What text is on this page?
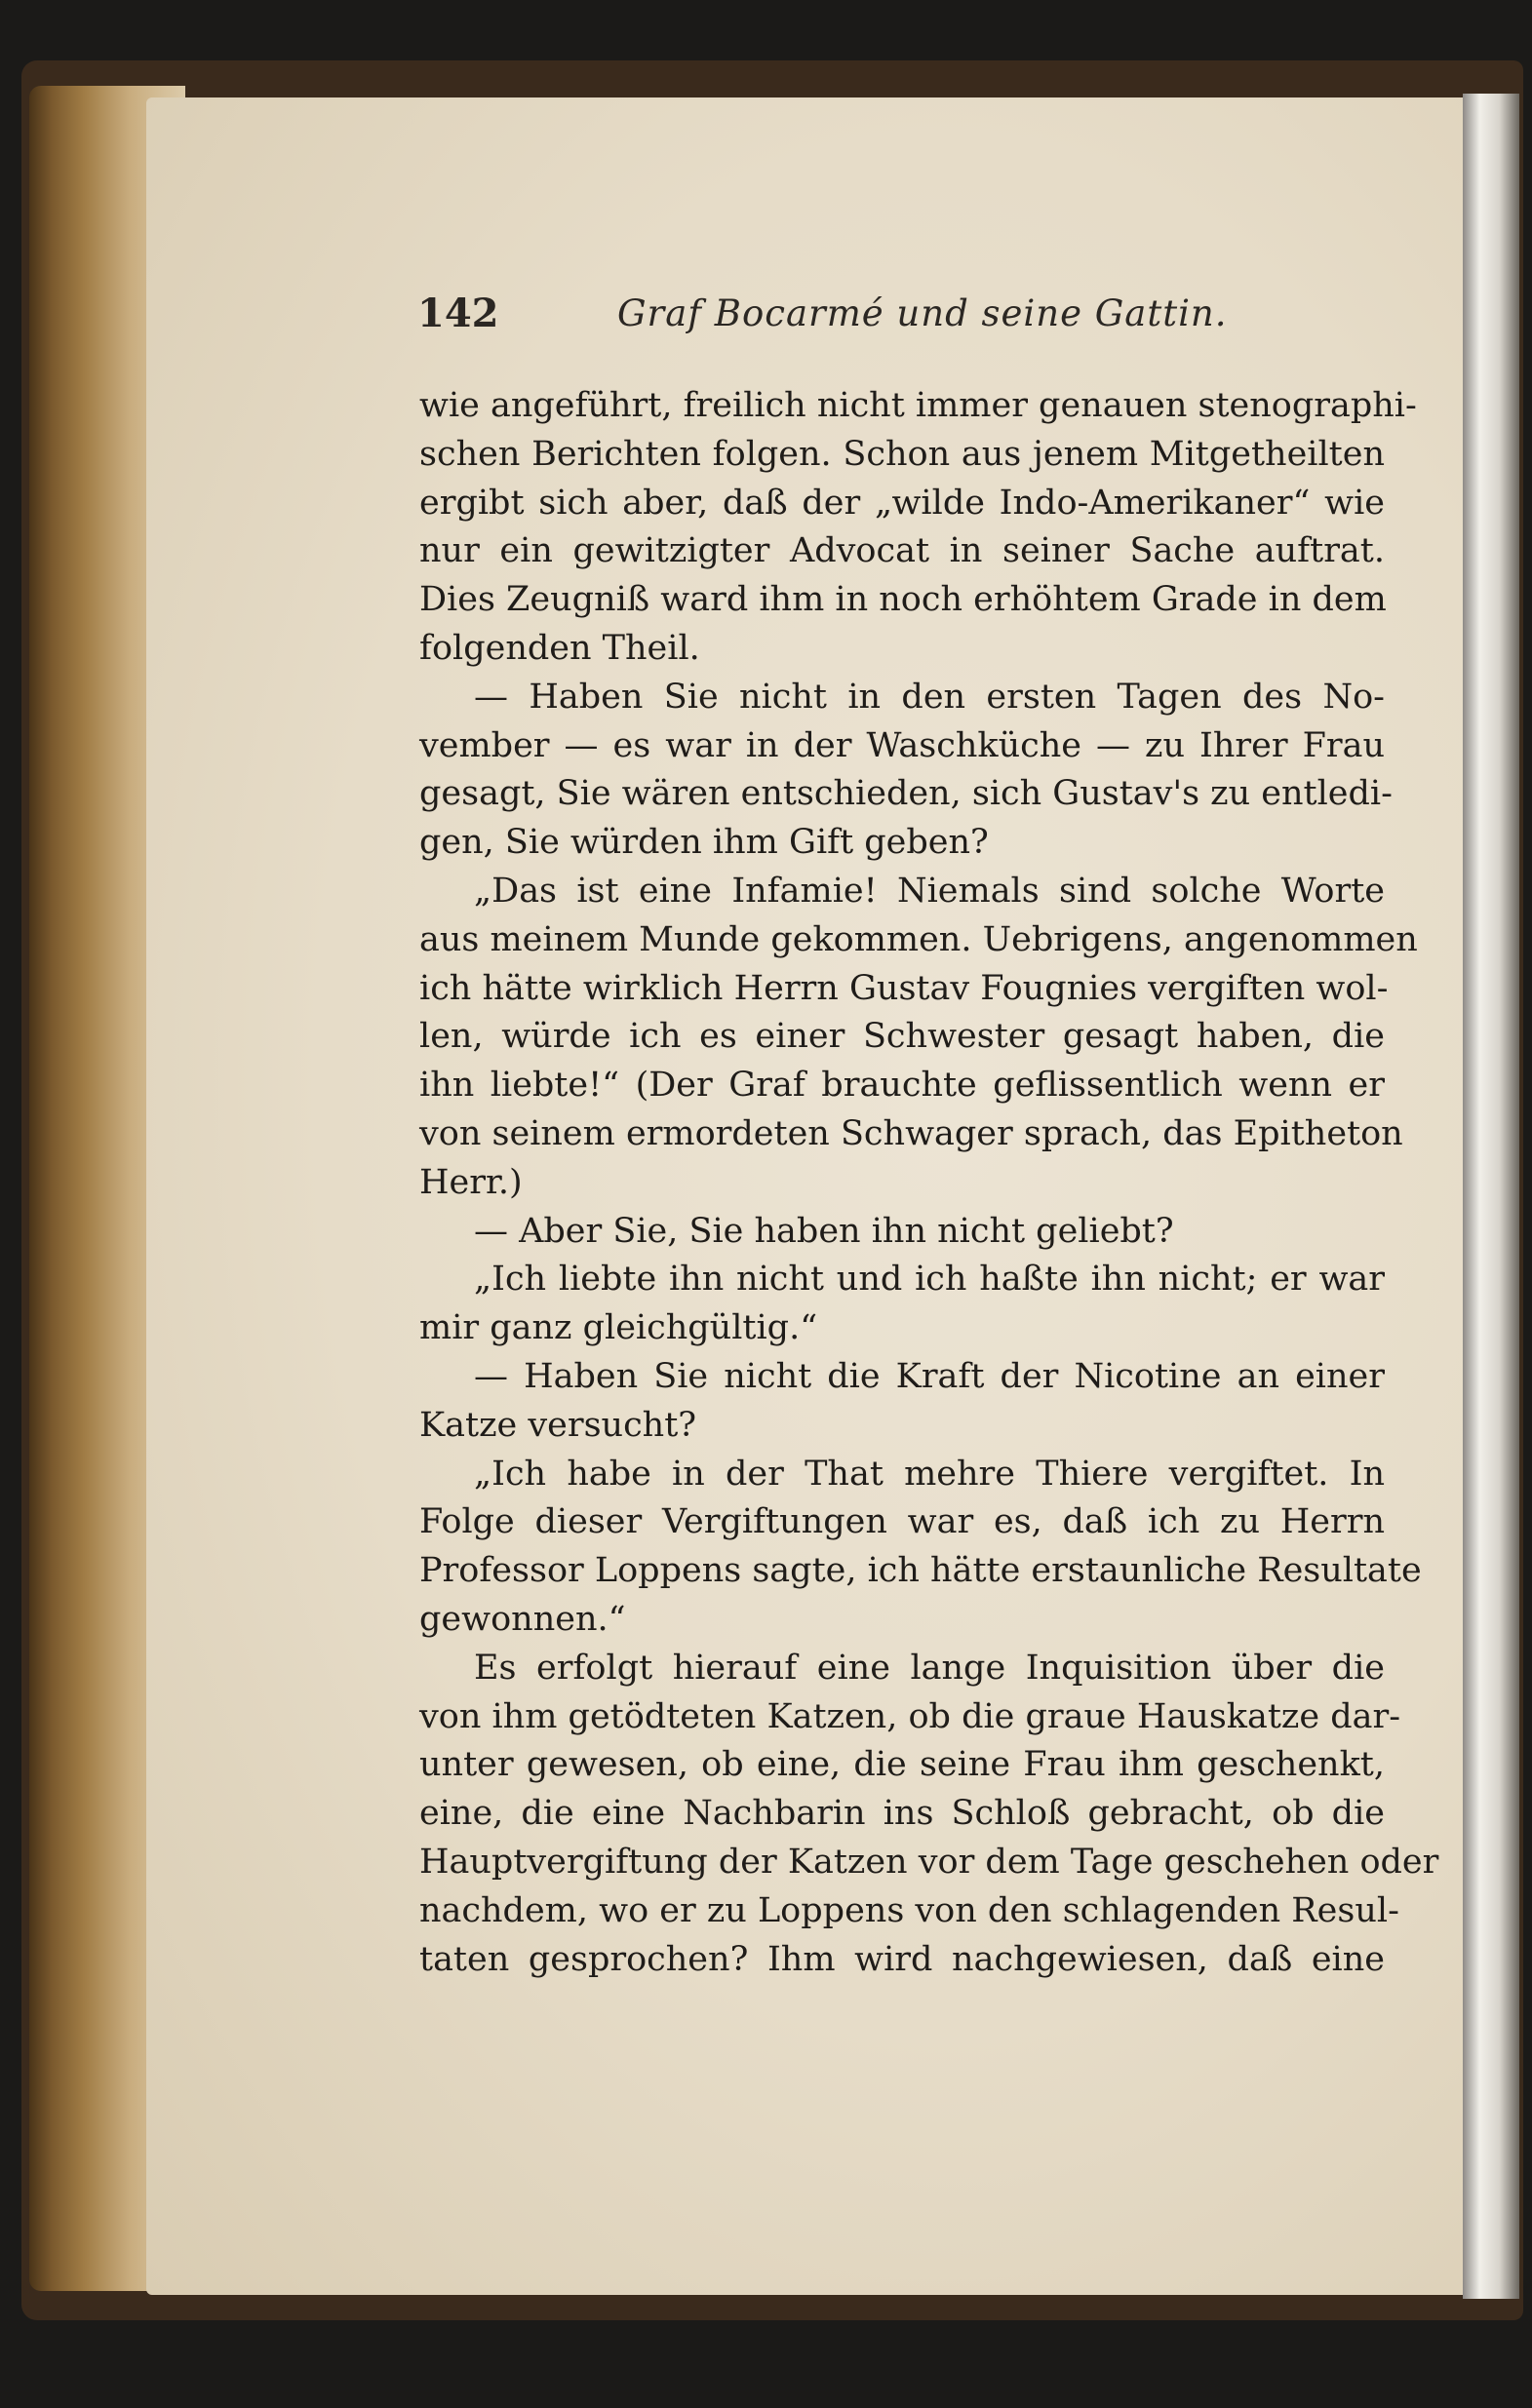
142	Graf Bocarmé und seine Gattin.
wie angeführt, freilich nicht immer genauen stenographi-
schen Berichten folgen. Schon aus jenem Mitgetheilten
ergibt sich aber, daß der „wilde Indo-Amerikaner“ wie
nur ein gewitzigter Advocat in seiner Sache auftrat.
Dies Zeugniß ward ihm in noch erhöhtem Grade in dem
folgenden Theil.
— Haben Sie nicht in den ersten Tagen des No-
vember — es war in der Waschküche — zu Ihrer Frau
gesagt, Sie wären entschieden, sich Gustav's zu entledi-
gen, Sie würden ihm Gift geben?
„Das ist eine Infamie! Niemals sind solche Worte
aus meinem Munde gekommen. Uebrigens, angenommen
ich hätte wirklich Herrn Gustav Fougnies vergiften wol-
len, würde ich es einer Schwester gesagt haben, die
ihn liebte!“ (Der Graf brauchte geflissentlich wenn er
von seinem ermordeten Schwager sprach, das Epitheton
Herr.)
— Aber Sie, Sie haben ihn nicht geliebt?
„Ich liebte ihn nicht und ich haßte ihn nicht; er war
mir ganz gleichgültig.“
— Haben Sie nicht die Kraft der Nicotine an einer
Katze versucht?
„Ich habe in der That mehre Thiere vergiftet. In
Folge dieser Vergiftungen war es, daß ich zu Herrn
Professor Loppens sagte, ich hätte erstaunliche Resultate
gewonnen.“
Es erfolgt hierauf eine lange Inquisition über die
von ihm getödteten Katzen, ob die graue Hauskatze dar-
unter gewesen, ob eine, die seine Frau ihm geschenkt,
eine, die eine Nachbarin ins Schloß gebracht, ob die
Hauptvergiftung der Katzen vor dem Tage geschehen oder
nachdem, wo er zu Loppens von den schlagenden Resul-
taten gesprochen? Ihm wird nachgewiesen, daß eine
